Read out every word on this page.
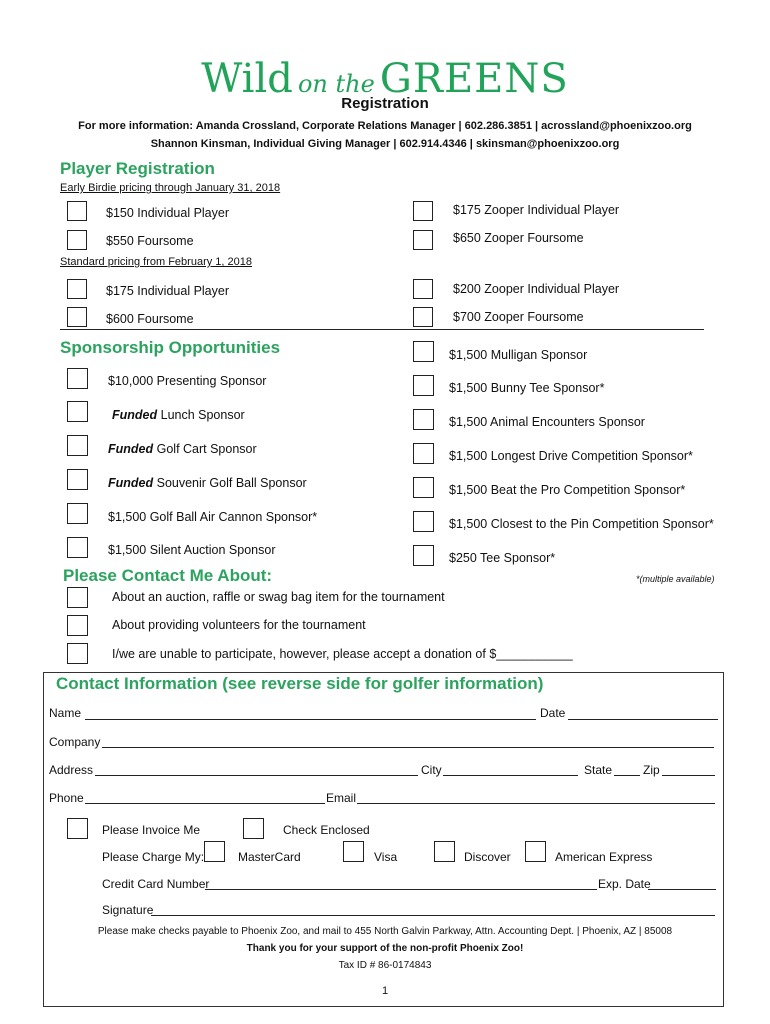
Wild on the GREENS
Registration
For more information: Amanda Crossland, Corporate Relations Manager | 602.286.3851 | acrossland@phoenixzoo.org
Shannon Kinsman, Individual Giving Manager | 602.914.4346 | skinsman@phoenixzoo.org
Player Registration
Early Birdie pricing through January 31, 2018
$150 Individual Player
$550 Foursome
$175 Zooper Individual Player
$650 Zooper Foursome
Standard pricing from February 1, 2018
$175 Individual Player
$600 Foursome
$200 Zooper Individual Player
$700 Zooper Foursome
Sponsorship Opportunities
$10,000 Presenting Sponsor
Funded Lunch Sponsor
Funded Golf Cart Sponsor
Funded Souvenir Golf Ball Sponsor
$1,500 Golf Ball Air Cannon Sponsor*
$1,500 Silent Auction Sponsor
$1,500 Mulligan Sponsor
$1,500 Bunny Tee Sponsor*
$1,500 Animal Encounters Sponsor
$1,500 Longest Drive Competition Sponsor*
$1,500 Beat the Pro Competition Sponsor*
$1,500 Closest to the Pin Competition Sponsor*
$250 Tee Sponsor*
*(multiple available)
Please Contact Me About:
About an auction, raffle or swag bag item for the tournament
About providing volunteers for the tournament
I/we are unable to participate, however, please accept a donation of $___________
Contact Information (see reverse side for golfer information)
Name	Date
Company
Address	City	State	Zip
Phone	Email
Please Invoice Me	Check Enclosed
Please Charge My:	MasterCard	Visa	Discover	American Express
Credit Card Number	Exp. Date
Signature
Please make checks payable to Phoenix Zoo, and mail to 455 North Galvin Parkway, Attn. Accounting Dept. | Phoenix, AZ | 85008
Thank you for your support of the non-profit Phoenix Zoo!
Tax ID # 86-0174843
1
